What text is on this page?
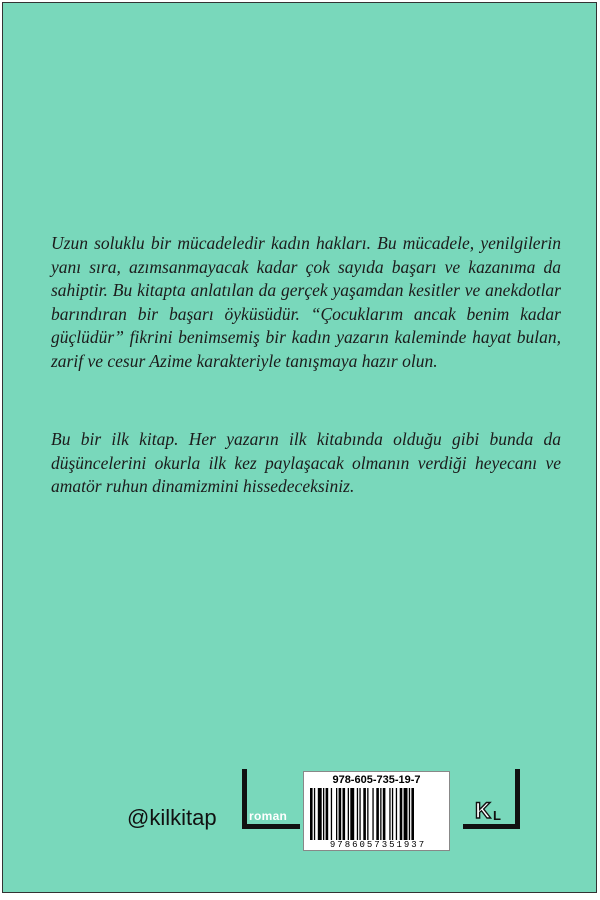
Uzun soluklu bir mücadeledir kadın hakları. Bu mücadele, yenilgilerin yanı sıra, azımsanmayacak kadar çok sayıda başarı ve kazanıma da sahiptir. Bu kitapta anlatılan da gerçek yaşamdan kesitler ve anekdotlar barındıran bir başarı öyküsüdür. “Çocuklarım ancak benim kadar güçlüdür” fikrini benimsemiş bir kadın yazarın kaleminde hayat bulan, zarif ve cesur Azime karakteriyle tanışmaya hazır olun.

Bu bir ilk kitap. Her yazarın ilk kitabında olduğu gibi bunda da düşüncelerini okurla ilk kez paylaşacak olmanın verdiği heyecanı ve amatör ruhun dinamizmini hissedeceksiniz.

@kilkitap	roman
978-605-735-19-7
9786057351937
K L
